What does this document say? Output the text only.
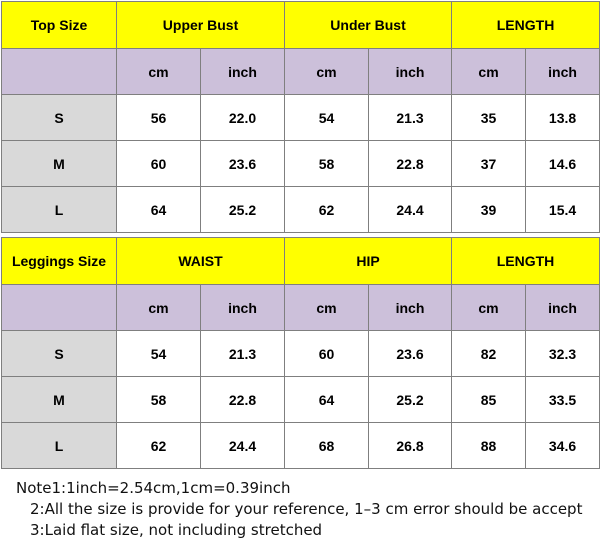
Top Size	Upper Bust		Under Bust		LENGTH	
	cm	inch	cm	inch	cm	inch
S	56	22.0	54	21.3	35	13.8
M	60	23.6	58	22.8	37	14.6
L	64	25.2	62	24.4	39	15.4
Leggings Size	WAIST		HIP		LENGTH	
	cm	inch	cm	inch	cm	inch
S	54	21.3	60	23.6	82	32.3
M	58	22.8	64	25.2	85	33.5
L	62	24.4	68	26.8	88	34.6
Note1:1inch=2.54cm,1cm=0.39inch
2:All the size is provide for your reference, 1–3 cm error should be accept
3:Laid flat size, not including stretched
